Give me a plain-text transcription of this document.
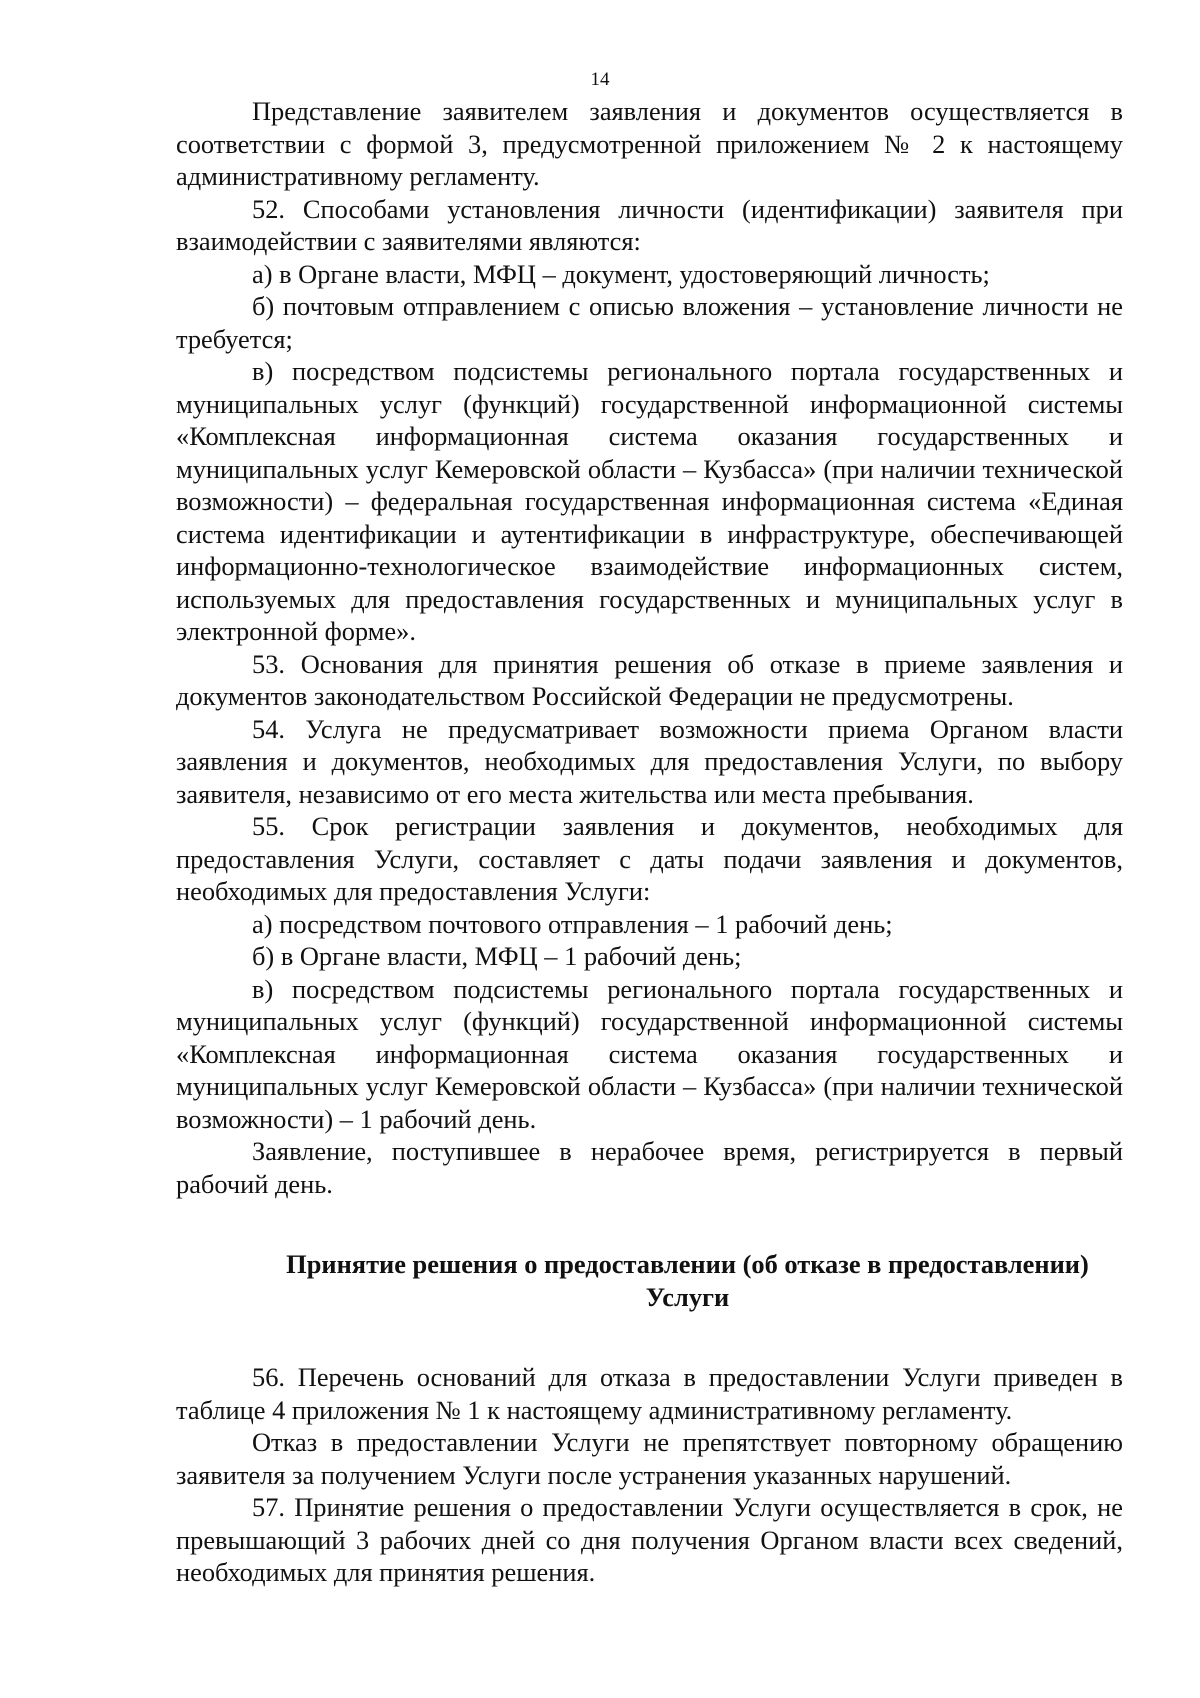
14

Представление заявителем заявления и документов осуществляется в соответствии с формой 3, предусмотренной приложением № 2 к настоящему административному регламенту.

52. Способами установления личности (идентификации) заявителя при взаимодействии с заявителями являются:

а) в Органе власти, МФЦ – документ, удостоверяющий личность;

б) почтовым отправлением с описью вложения – установление личности не требуется;

в) посредством подсистемы регионального портала государственных и муниципальных услуг (функций) государственной информационной системы «Комплексная информационная система оказания государственных и муниципальных услуг Кемеровской области – Кузбасса» (при наличии технической возможности) – федеральная государственная информационная система «Единая система идентификации и аутентификации в инфраструктуре, обеспечивающей информационно-технологическое взаимодействие информационных систем, используемых для предоставления государственных и муниципальных услуг в электронной форме».

53. Основания для принятия решения об отказе в приеме заявления и документов законодательством Российской Федерации не предусмотрены.

54. Услуга не предусматривает возможности приема Органом власти заявления и документов, необходимых для предоставления Услуги, по выбору заявителя, независимо от его места жительства или места пребывания.

55. Срок регистрации заявления и документов, необходимых для предоставления Услуги, составляет с даты подачи заявления и документов, необходимых для предоставления Услуги:

а) посредством почтового отправления – 1 рабочий день;

б) в Органе власти, МФЦ – 1 рабочий день;

в) посредством подсистемы регионального портала государственных и муниципальных услуг (функций) государственной информационной системы «Комплексная информационная система оказания государственных и муниципальных услуг Кемеровской области – Кузбасса» (при наличии технической возможности) – 1 рабочий день.

Заявление, поступившее в нерабочее время, регистрируется в первый рабочий день.

Принятие решения о предоставлении (об отказе в предоставлении)
Услуги

56. Перечень оснований для отказа в предоставлении Услуги приведен в таблице 4 приложения № 1 к настоящему административному регламенту.

Отказ в предоставлении Услуги не препятствует повторному обращению заявителя за получением Услуги после устранения указанных нарушений.

57. Принятие решения о предоставлении Услуги осуществляется в срок, не превышающий 3 рабочих дней со дня получения Органом власти всех сведений, необходимых для принятия решения.
